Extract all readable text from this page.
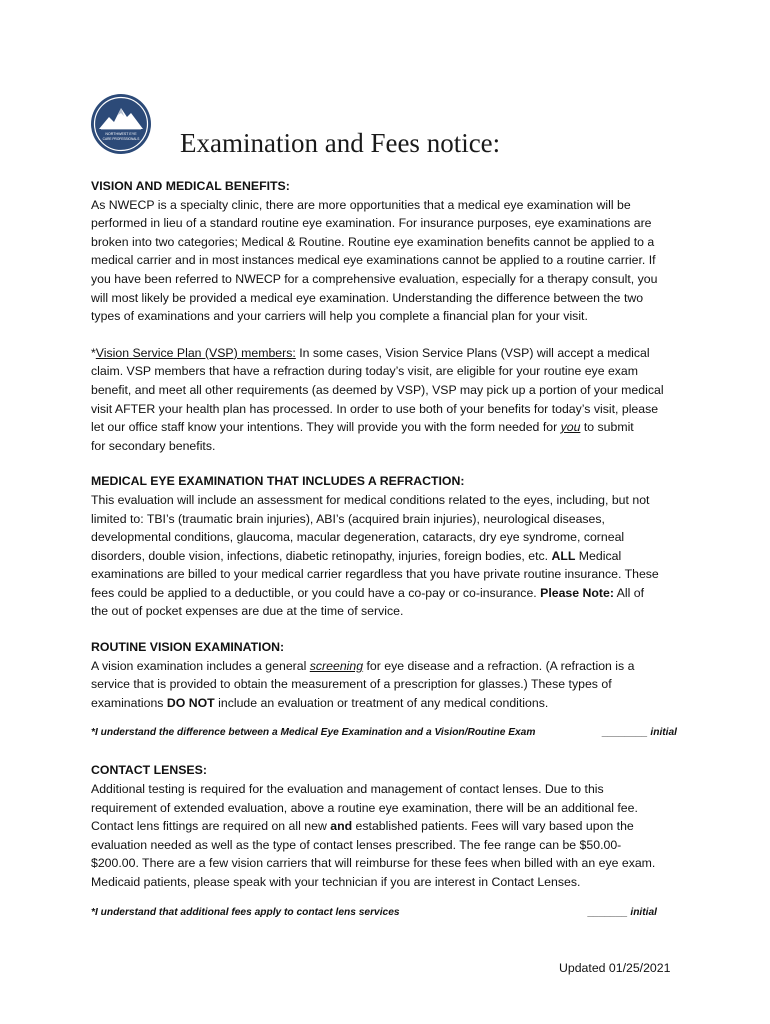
NORTHWEST EYE
CARE PROFESSIONALS Examination and Fees notice:

VISION AND MEDICAL BENEFITS:

As NWECP is a specialty clinic, there are more opportunities that a medical eye examination will be

performed in lieu of a standard routine eye examination. For insurance purposes, eye examinations are

broken into two categories; Medical & Routine. Routine eye examination benefits cannot be applied to a

medical carrier and in most instances medical eye examinations cannot be applied to a routine carrier. If

you have been referred to NWECP for a comprehensive evaluation, especially for a therapy consult, you

will most likely be provided a medical eye examination. Understanding the difference between the two

types of examinations and your carriers will help you complete a financial plan for your visit.

*Vision Service Plan (VSP) members: In some cases, Vision Service Plans (VSP) will accept a medical

claim. VSP members that have a refraction during today’s visit, are eligible for your routine eye exam

benefit, and meet all other requirements (as deemed by VSP), VSP may pick up a portion of your medical

visit AFTER your health plan has processed. In order to use both of your benefits for today’s visit, please

let our office staff know your intentions. They will provide you with the form needed for you to submit

for secondary benefits.

MEDICAL EYE EXAMINATION THAT INCLUDES A REFRACTION:

This evaluation will include an assessment for medical conditions related to the eyes, including, but not

limited to: TBI’s (traumatic brain injuries), ABI’s (acquired brain injuries), neurological diseases,

developmental conditions, glaucoma, macular degeneration, cataracts, dry eye syndrome, corneal

disorders, double vision, infections, diabetic retinopathy, injuries, foreign bodies, etc. ALL Medical

examinations are billed to your medical carrier regardless that you have private routine insurance. These

fees could be applied to a deductible, or you could have a co-pay or co-insurance. Please Note: All of

the out of pocket expenses are due at the time of service.

ROUTINE VISION EXAMINATION:

A vision examination includes a general screening for eye disease and a refraction. (A refraction is a

service that is provided to obtain the measurement of a prescription for glasses.) These types of

examinations DO NOT include an evaluation or treatment of any medical conditions.

*I understand the difference between a Medical Eye Examination and a Vision/Routine Exam	________ initial

CONTACT LENSES:

Additional testing is required for the evaluation and management of contact lenses. Due to this

requirement of extended evaluation, above a routine eye examination, there will be an additional fee.

Contact lens fittings are required on all new and established patients. Fees will vary based upon the

evaluation needed as well as the type of contact lenses prescribed. The fee range can be $50.00-

$200.00. There are a few vision carriers that will reimburse for these fees when billed with an eye exam.

Medicaid patients, please speak with your technician if you are interest in Contact Lenses.

*I understand that additional fees apply to contact lens services	_______ initial
Updated 01/25/2021
